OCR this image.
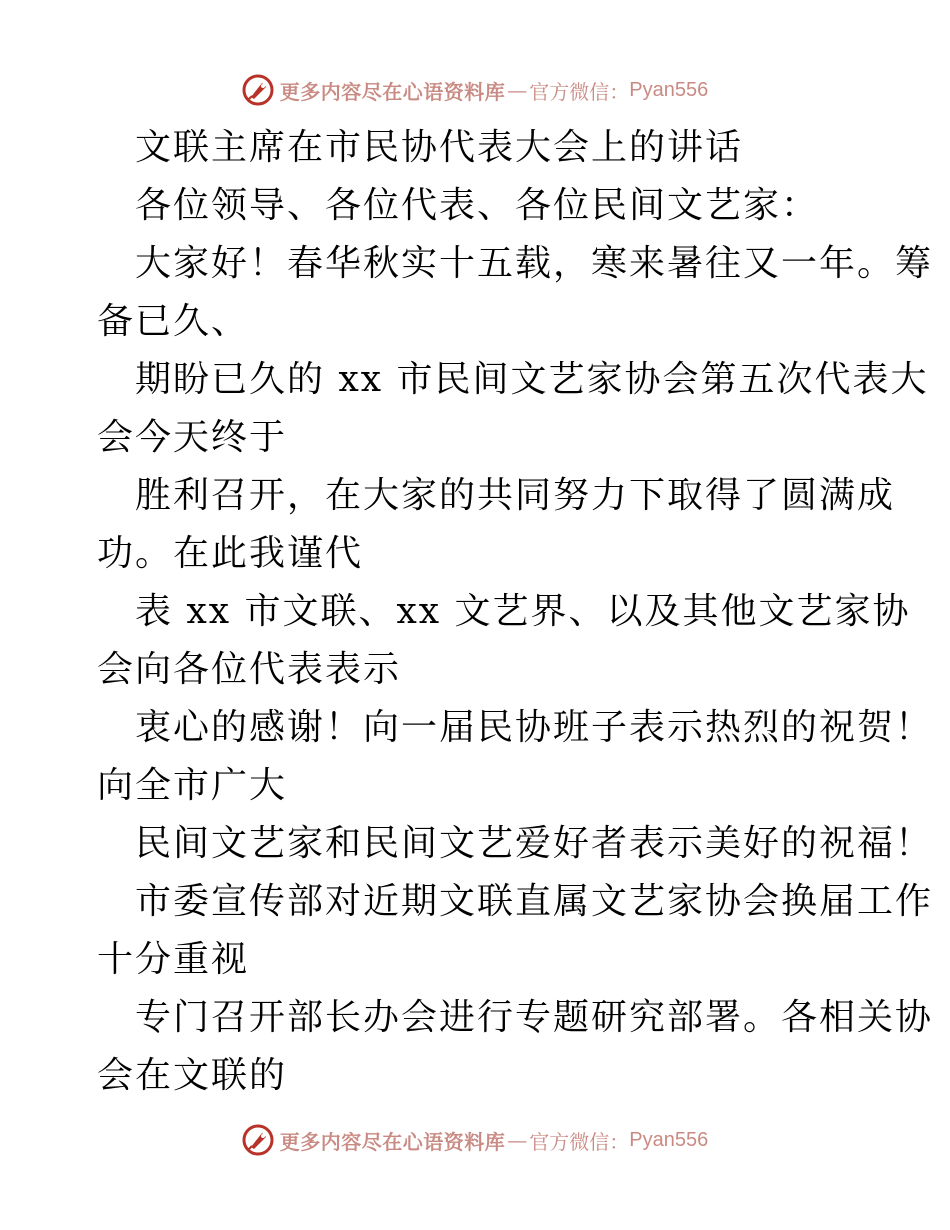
更多内容尽在心语资料库 — 官方微信： Pyan556
文联主席在市民协代表大会上的讲话
各位领导、各位代表、各位民间文艺家：
大家好！春华秋实十五载，寒来暑往又一年。筹
备已久、
期盼已久的 xx 市民间文艺家协会第五次代表大
会今天终于
胜利召开，在大家的共同努力下取得了圆满成
功。在此我谨代
表 xx 市文联、xx 文艺界、以及其他文艺家协
会向各位代表表示
衷心的感谢！向一届民协班子表示热烈的祝贺！
向全市广大
民间文艺家和民间文艺爱好者表示美好的祝福！
市委宣传部对近期文联直属文艺家协会换届工作
十分重视
专门召开部长办会进行专题研究部署。各相关协
会在文联的
更多内容尽在心语资料库 — 官方微信： Pyan556
